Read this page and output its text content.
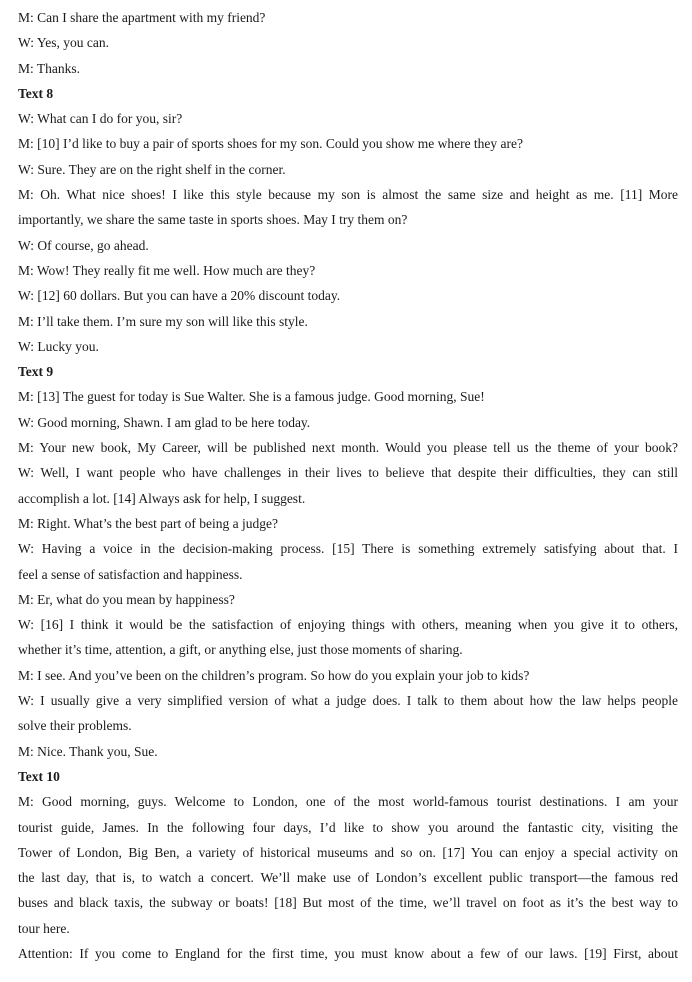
M: Can I share the apartment with my friend?
W: Yes, you can.
M: Thanks.
Text 8
W: What can I do for you, sir?
M: [10] I’d like to buy a pair of sports shoes for my son. Could you show me where they are?
W: Sure. They are on the right shelf in the corner.
M: Oh. What nice shoes! I like this style because my son is almost the same size and height as me. [11] More
importantly, we share the same taste in sports shoes. May I try them on?
W: Of course, go ahead.
M: Wow! They really fit me well. How much are they?
W: [12] 60 dollars. But you can have a 20% discount today.
M: I’ll take them. I’m sure my son will like this style.
W: Lucky you.
Text 9
M: [13] The guest for today is Sue Walter. She is a famous judge. Good morning, Sue!
W: Good morning, Shawn. I am glad to be here today.
M: Your new book, My Career, will be published next month. Would you please tell us the theme of your book?
W: Well, I want people who have challenges in their lives to believe that despite their difficulties, they can still
accomplish a lot. [14] Always ask for help, I suggest.
M: Right. What’s the best part of being a judge?
W: Having a voice in the decision-making process. [15] There is something extremely satisfying about that. I
feel a sense of satisfaction and happiness.
M: Er, what do you mean by happiness?
W: [16] I think it would be the satisfaction of enjoying things with others, meaning when you give it to others,
whether it’s time, attention, a gift, or anything else, just those moments of sharing.
M: I see. And you’ve been on the children’s program. So how do you explain your job to kids?
W: I usually give a very simplified version of what a judge does. I talk to them about how the law helps people
solve their problems.
M: Nice. Thank you, Sue.
Text 10
M: Good morning, guys. Welcome to London, one of the most world-famous tourist destinations. I am your
tourist guide, James. In the following four days, I’d like to show you around the fantastic city, visiting the
Tower of London, Big Ben, a variety of historical museums and so on. [17] You can enjoy a special activity on
the last day, that is, to watch a concert. We’ll make use of London’s excellent public transport—the famous red
buses and black taxis, the subway or boats! [18] But most of the time, we’ll travel on foot as it’s the best way to
tour here.
Attention: If you come to England for the first time, you must know about a few of our laws. [19] First, about
